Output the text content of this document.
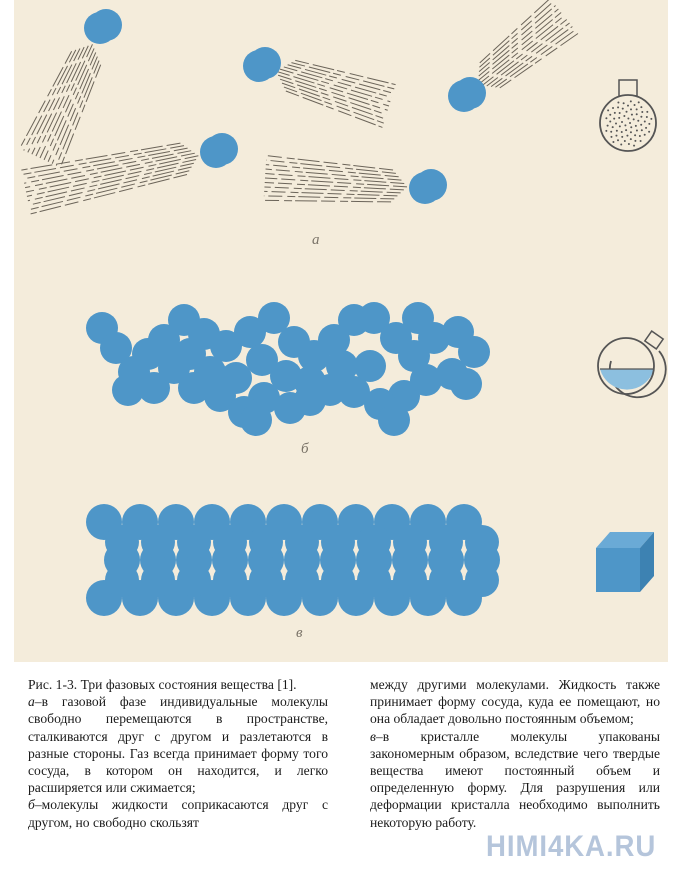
а
б
в

Рис. 1-3. Три фазовых состояния вещества [1].

а–в газовой фазе индивидуальные молекулы свободно перемещаются в пространстве, сталкиваются друг с другом и разлетаются в разные стороны. Газ всегда принимает форму того сосуда, в котором он находится, и легко расширяется или сжимается;

б–молекулы жидкости соприкасаются друг с другом, но свободно скользят

между другими молекулами. Жидкость также принимает форму сосуда, куда ее помещают, но она обладает довольно постоянным объемом;

в–в кристалле молекулы упакованы закономерным образом, вследствие чего твердые вещества имеют постоянный объем и определенную форму. Для разрушения или деформации кристалла необходимо выполнить некоторую работу.

HIMI4KA.RU
